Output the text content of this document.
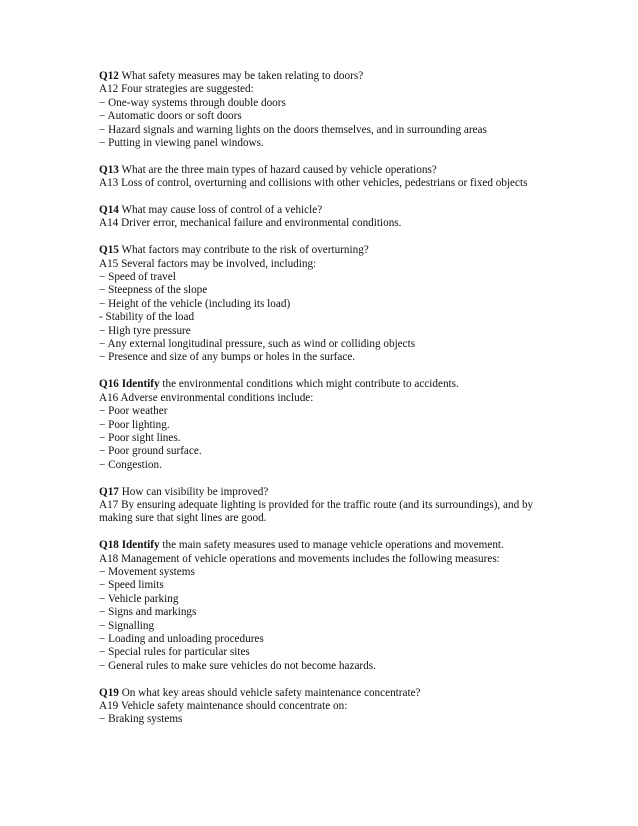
Q12 What safety measures may be taken relating to doors?
A12 Four strategies are suggested:
− One-way systems through double doors
− Automatic doors or soft doors
− Hazard signals and warning lights on the doors themselves, and in surrounding areas
− Putting in viewing panel windows.
Q13 What are the three main types of hazard caused by vehicle operations?
A13 Loss of control, overturning and collisions with other vehicles, pedestrians or fixed objects
Q14 What may cause loss of control of a vehicle?
A14 Driver error, mechanical failure and environmental conditions.
Q15 What factors may contribute to the risk of overturning?
A15 Several factors may be involved, including:
− Speed of travel
− Steepness of the slope
− Height of the vehicle (including its load)
- Stability of the load
− High tyre pressure
− Any external longitudinal pressure, such as wind or colliding objects
− Presence and size of any bumps or holes in the surface.
Q16 Identify the environmental conditions which might contribute to accidents.
A16 Adverse environmental conditions include:
− Poor weather
− Poor lighting.
− Poor sight lines.
− Poor ground surface.
− Congestion.
Q17 How can visibility be improved?
A17 By ensuring adequate lighting is provided for the traffic route (and its surroundings), and by making sure that sight lines are good.
Q18 Identify the main safety measures used to manage vehicle operations and movement.
A18 Management of vehicle operations and movements includes the following measures:
− Movement systems
− Speed limits
− Vehicle parking
− Signs and markings
− Signalling
− Loading and unloading procedures
− Special rules for particular sites
− General rules to make sure vehicles do not become hazards.
Q19 On what key areas should vehicle safety maintenance concentrate?
A19 Vehicle safety maintenance should concentrate on:
− Braking systems
